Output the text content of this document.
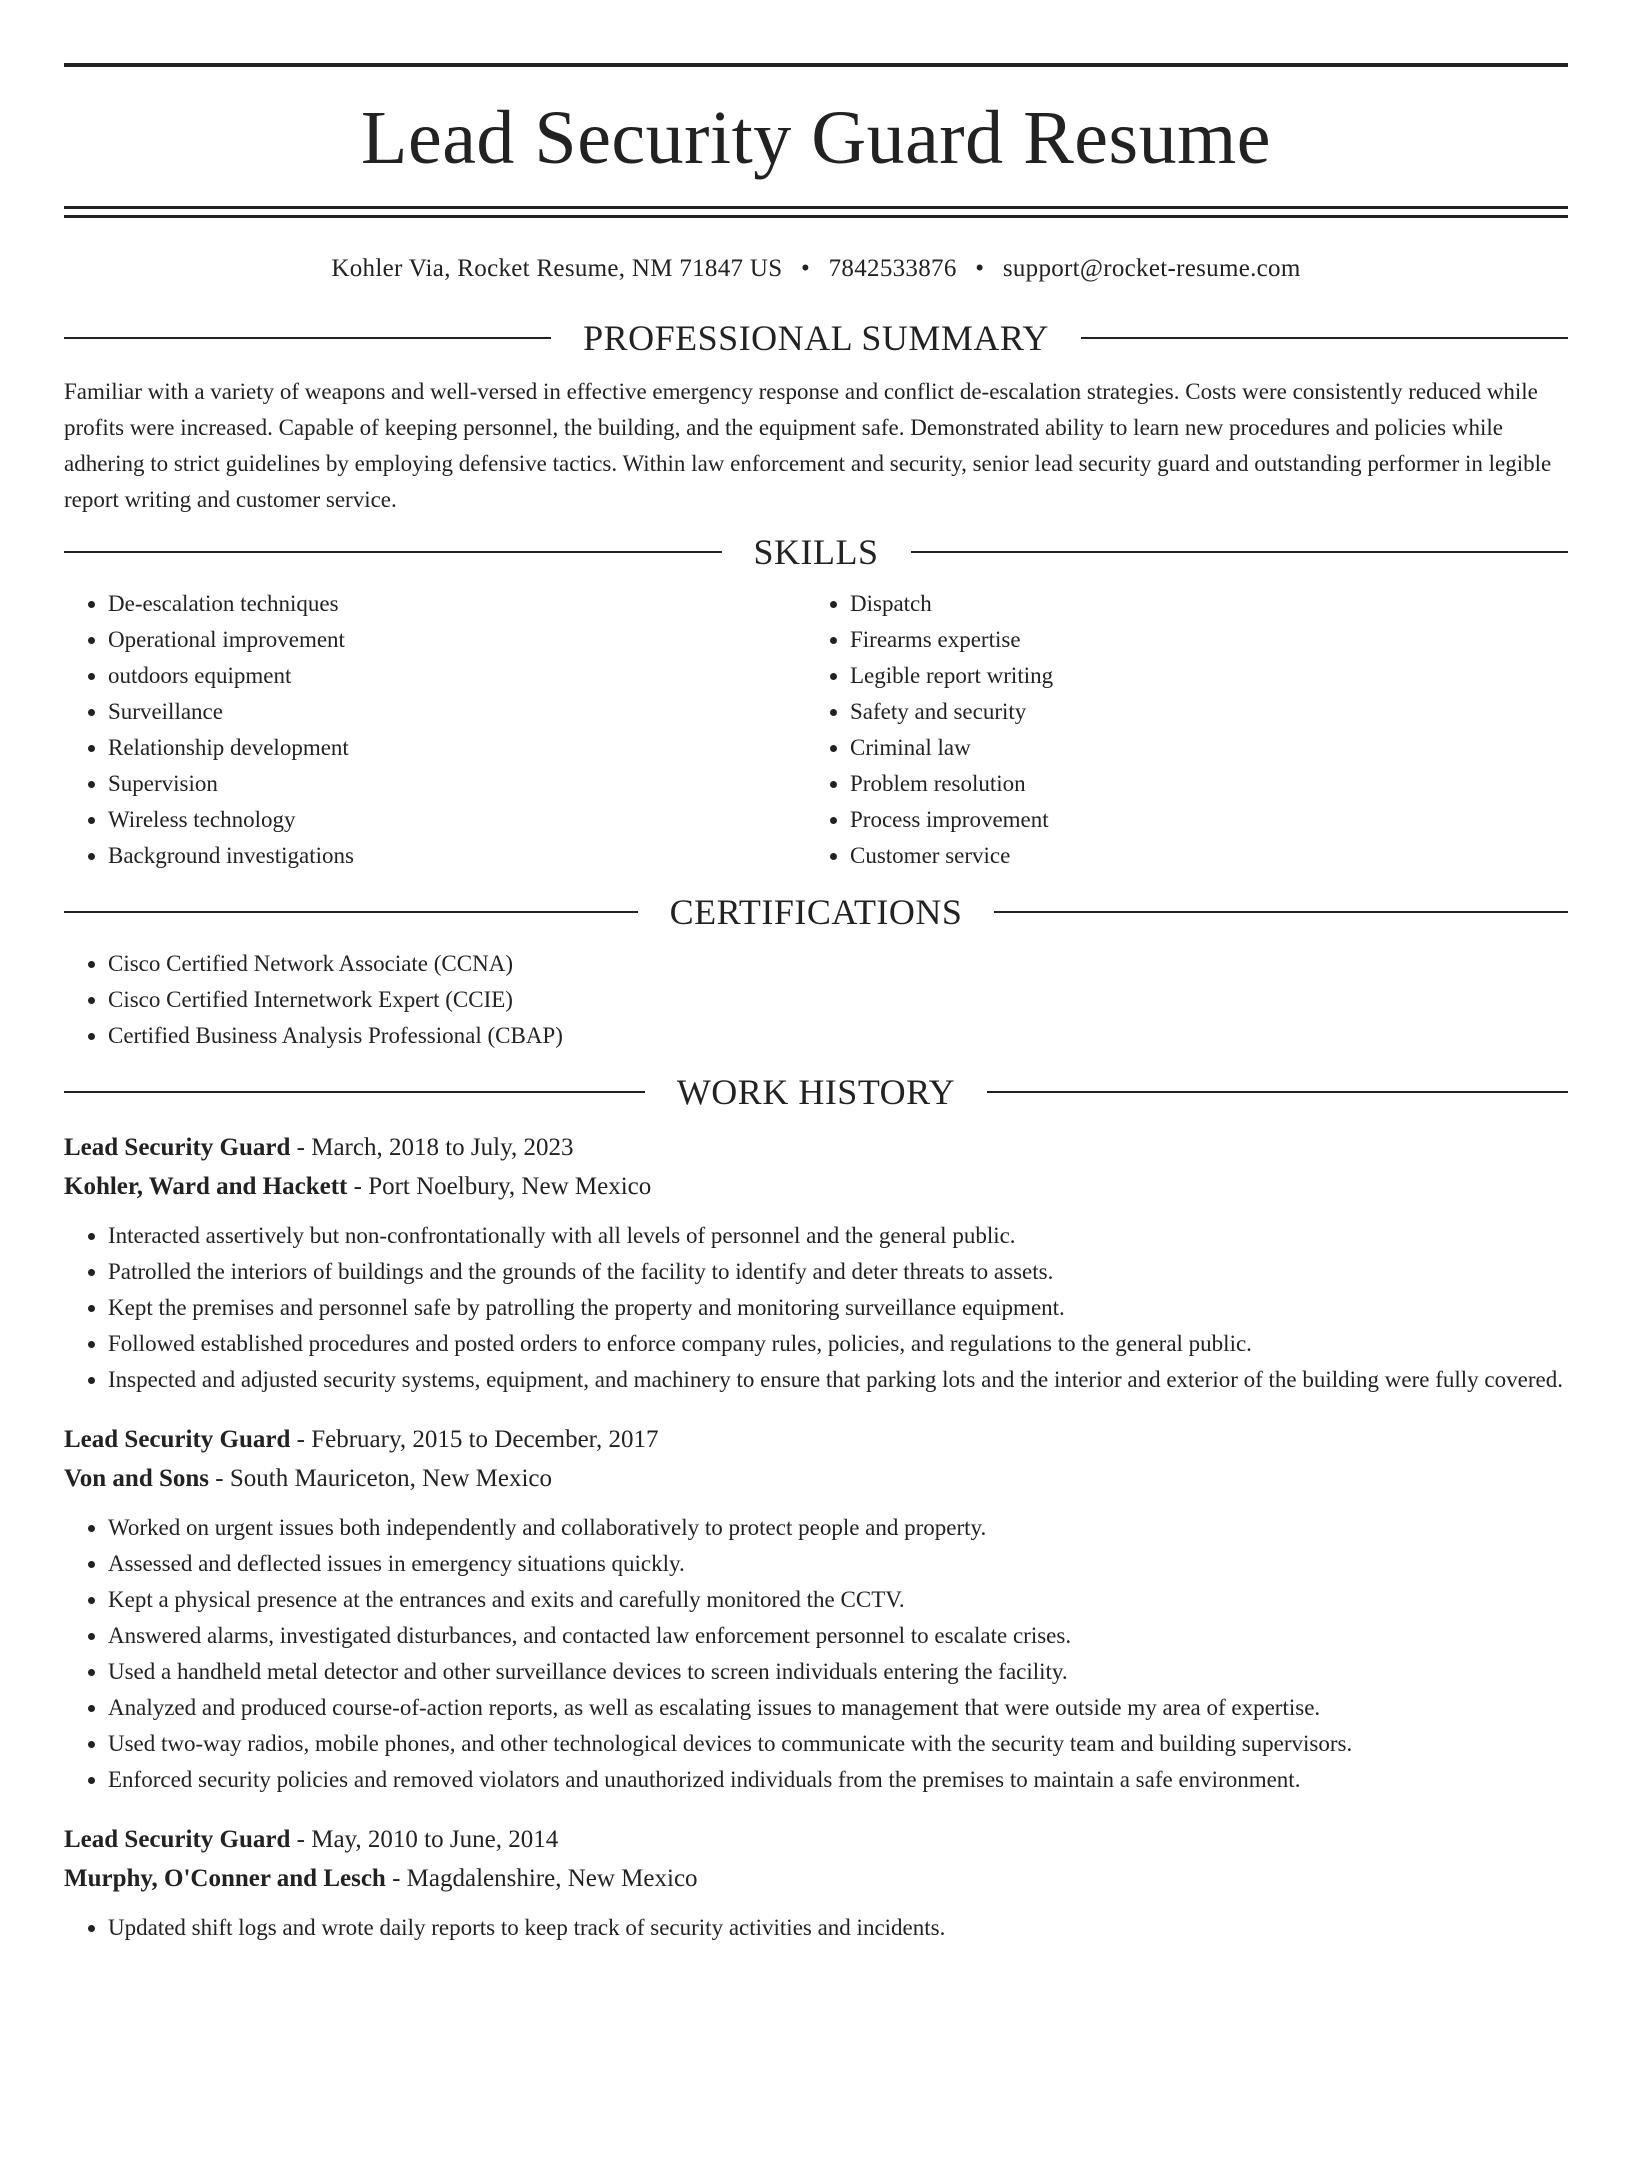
Lead Security Guard Resume
Kohler Via, Rocket Resume, NM 71847 US • 7842533876 • support@rocket-resume.com
PROFESSIONAL SUMMARY

Familiar with a variety of weapons and well-versed in effective emergency response and conflict de-escalation strategies. Costs were consistently reduced while profits were increased. Capable of keeping personnel, the building, and the equipment safe. Demonstrated ability to learn new procedures and policies while adhering to strict guidelines by employing defensive tactics. Within law enforcement and security, senior lead security guard and outstanding performer in legible report writing and customer service.

SKILLS
• De-escalation techniques
• Operational improvement
• outdoors equipment
• Surveillance
• Relationship development
• Supervision
• Wireless technology
• Background investigations
• Dispatch
• Firearms expertise
• Legible report writing
• Safety and security
• Criminal law
• Problem resolution
• Process improvement
• Customer service
CERTIFICATIONS
• Cisco Certified Network Associate (CCNA)
• Cisco Certified Internetwork Expert (CCIE)
• Certified Business Analysis Professional (CBAP)
WORK HISTORY
Lead Security Guard - March, 2018 to July, 2023
Kohler, Ward and Hackett - Port Noelbury, New Mexico
• Interacted assertively but non-confrontationally with all levels of personnel and the general public.
• Patrolled the interiors of buildings and the grounds of the facility to identify and deter threats to assets.
• Kept the premises and personnel safe by patrolling the property and monitoring surveillance equipment.
• Followed established procedures and posted orders to enforce company rules, policies, and regulations to the general public.
• Inspected and adjusted security systems, equipment, and machinery to ensure that parking lots and the interior and exterior of the building were fully covered.
Lead Security Guard - February, 2015 to December, 2017
Von and Sons - South Mauriceton, New Mexico
• Worked on urgent issues both independently and collaboratively to protect people and property.
• Assessed and deflected issues in emergency situations quickly.
• Kept a physical presence at the entrances and exits and carefully monitored the CCTV.
• Answered alarms, investigated disturbances, and contacted law enforcement personnel to escalate crises.
• Used a handheld metal detector and other surveillance devices to screen individuals entering the facility.
• Analyzed and produced course-of-action reports, as well as escalating issues to management that were outside my area of expertise.
• Used two-way radios, mobile phones, and other technological devices to communicate with the security team and building supervisors.
• Enforced security policies and removed violators and unauthorized individuals from the premises to maintain a safe environment.
Lead Security Guard - May, 2010 to June, 2014
Murphy, O'Conner and Lesch - Magdalenshire, New Mexico
• Updated shift logs and wrote daily reports to keep track of security activities and incidents.
